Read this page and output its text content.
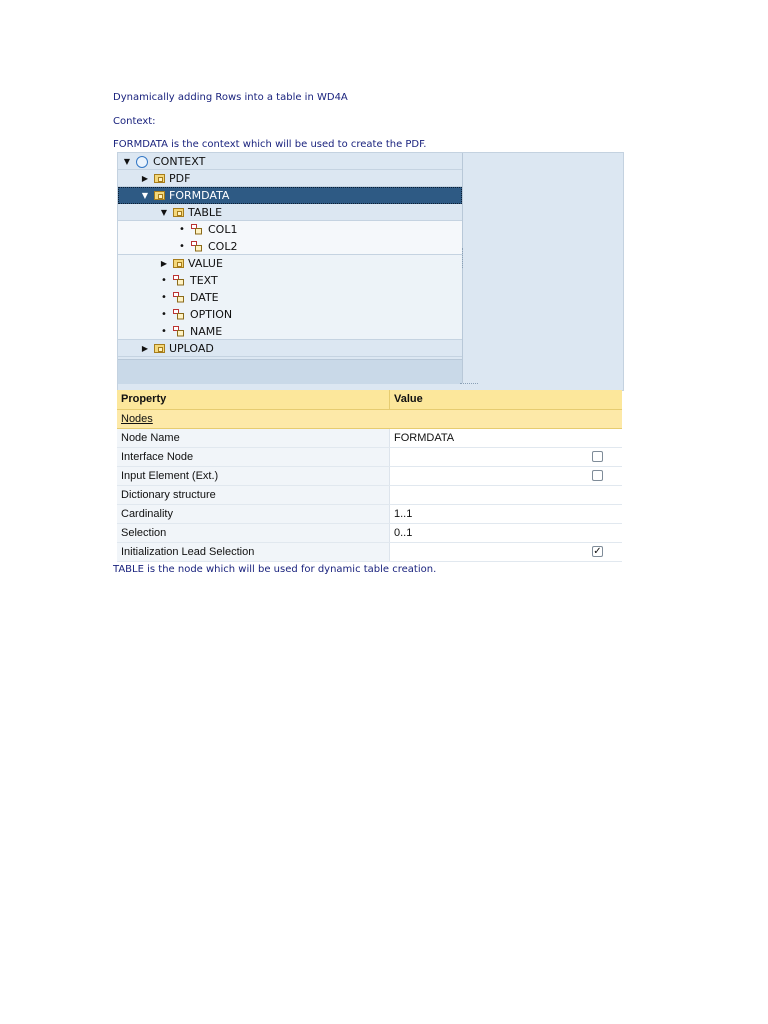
Dynamically adding Rows into a table in WD4A
Context:
FORMDATA is the context which will be used to create the PDF.
▼ CONTEXT
▶ PDF
▼ FORMDATA
▼ TABLE
• COL1
• COL2
▶ VALUE
• TEXT
• DATE
• OPTION
• NAME
▶ UPLOAD
Property	Value
Nodes
Node Name	FORMDATA
Interface Node
Input Element (Ext.)
Dictionary structure
Cardinality	1..1
Selection	0..1
Initialization Lead Selection	✓
TABLE is the node which will be used for dynamic table creation.
